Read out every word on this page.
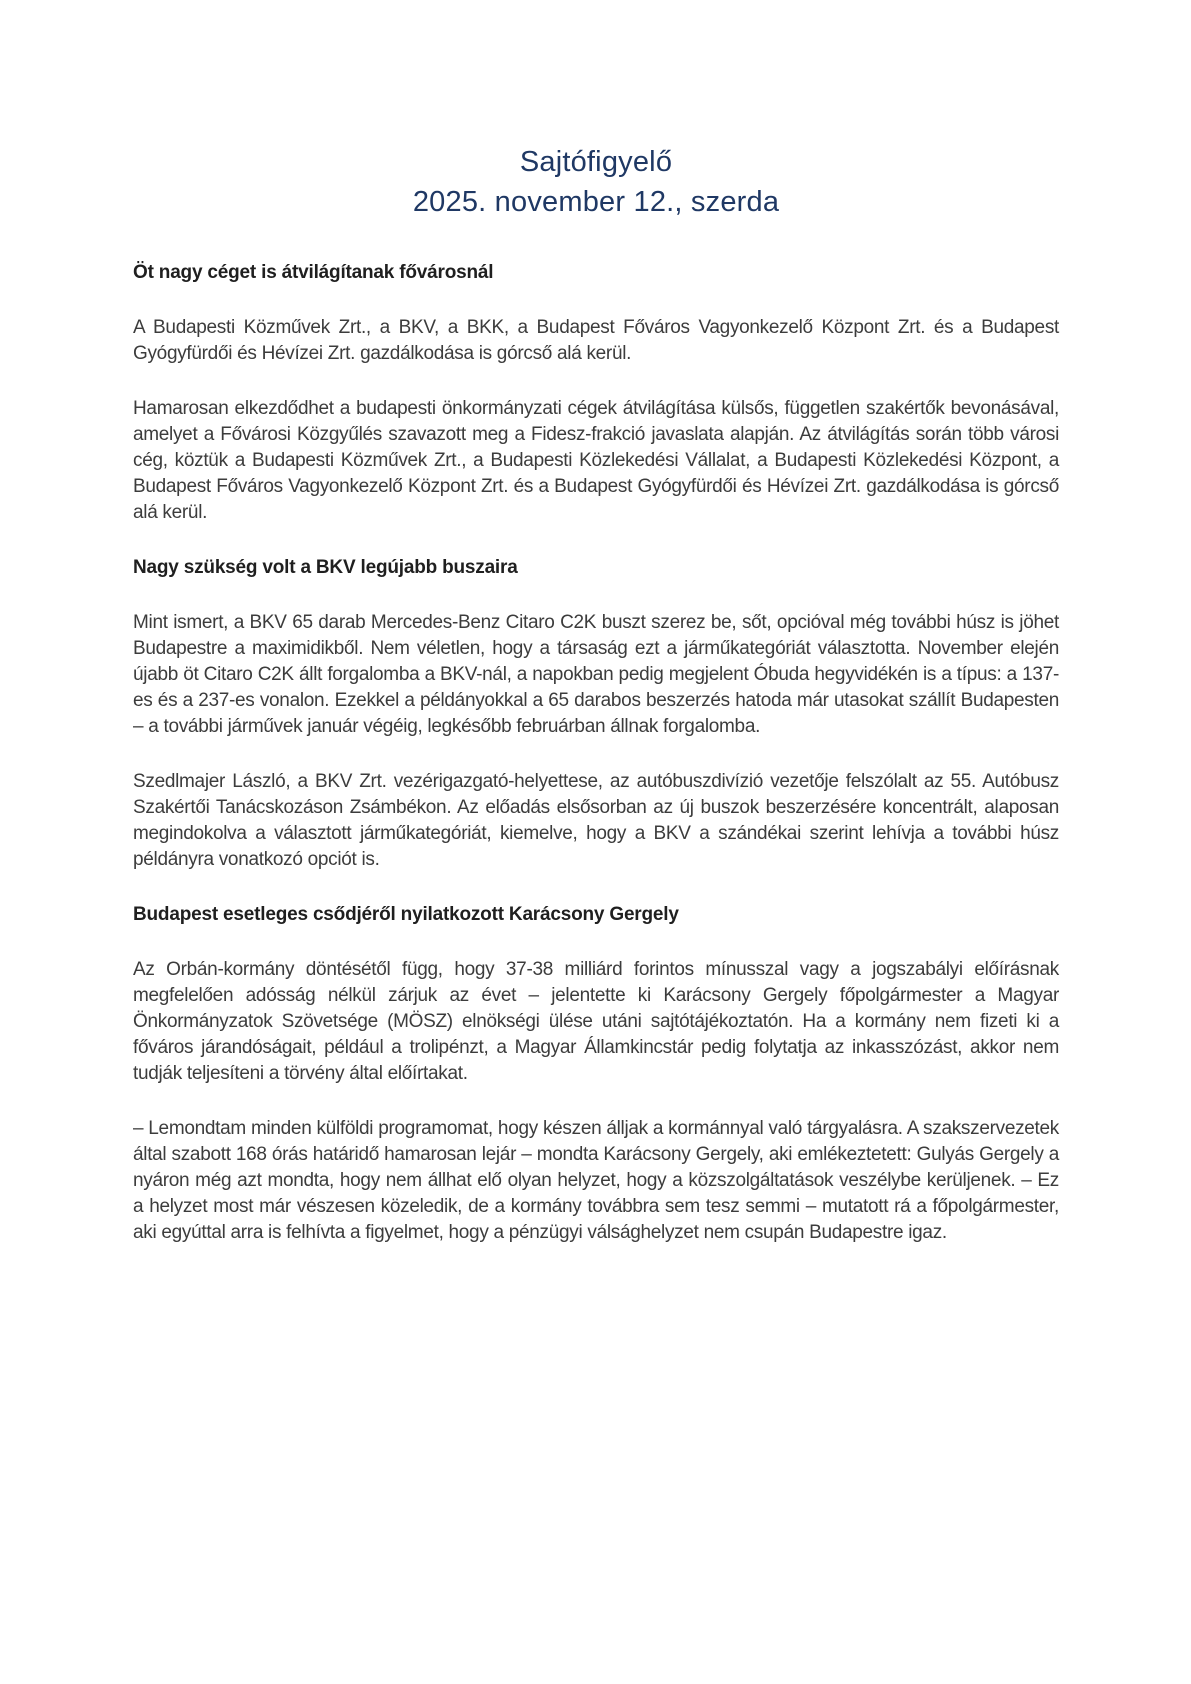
Sajtófigyelő
2025. november 12., szerda
Öt nagy céget is átvilágítanak fővárosnál

A Budapesti Közművek Zrt., a BKV, a BKK, a Budapest Főváros Vagyonkezelő Központ Zrt. és a Budapest Gyógyfürdői és Hévízei Zrt. gazdálkodása is górcső alá kerül.

Hamarosan elkezdődhet a budapesti önkormányzati cégek átvilágítása külsős, független szakértők bevonásával, amelyet a Fővárosi Közgyűlés szavazott meg a Fidesz-frakció javaslata alapján. Az átvilágítás során több városi cég, köztük a Budapesti Közművek Zrt., a Budapesti Közlekedési Vállalat, a Budapesti Közlekedési Központ, a Budapest Főváros Vagyonkezelő Központ Zrt. és a Budapest Gyógyfürdői és Hévízei Zrt. gazdálkodása is górcső alá kerül.

Nagy szükség volt a BKV legújabb buszaira

Mint ismert, a BKV 65 darab Mercedes-Benz Citaro C2K buszt szerez be, sőt, opcióval még további húsz is jöhet Budapestre a maximidikből. Nem véletlen, hogy a társaság ezt a járműkategóriát választotta. November elején újabb öt Citaro C2K állt forgalomba a BKV-nál, a napokban pedig megjelent Óbuda hegyvidékén is a típus: a 137-es és a 237-es vonalon. Ezekkel a példányokkal a 65 darabos beszerzés hatoda már utasokat szállít Budapesten – a további járművek január végéig, legkésőbb februárban állnak forgalomba.

Szedlmajer László, a BKV Zrt. vezérigazgató-helyettese, az autóbuszdivízió vezetője felszólalt az 55. Autóbusz Szakértői Tanácskozáson Zsámbékon. Az előadás elsősorban az új buszok beszerzésére koncentrált, alaposan megindokolva a választott járműkategóriát, kiemelve, hogy a BKV a szándékai szerint lehívja a további húsz példányra vonatkozó opciót is.

Budapest esetleges csődjéről nyilatkozott Karácsony Gergely

Az Orbán-kormány döntésétől függ, hogy 37-38 milliárd forintos mínusszal vagy a jogszabályi előírásnak megfelelően adósság nélkül zárjuk az évet – jelentette ki Karácsony Gergely főpolgármester a Magyar Önkormányzatok Szövetsége (MÖSZ) elnökségi ülése utáni sajtótájékoztatón. Ha a kormány nem fizeti ki a főváros járandóságait, például a trolipénzt, a Magyar Államkincstár pedig folytatja az inkasszózást, akkor nem tudják teljesíteni a törvény által előírtakat.

– Lemondtam minden külföldi programomat, hogy készen álljak a kormánnyal való tárgyalásra. A szakszervezetek által szabott 168 órás határidő hamarosan lejár – mondta Karácsony Gergely, aki emlékeztetett: Gulyás Gergely a nyáron még azt mondta, hogy nem állhat elő olyan helyzet, hogy a közszolgáltatások veszélybe kerüljenek. – Ez a helyzet most már vészesen közeledik, de a kormány továbbra sem tesz semmi – mutatott rá a főpolgármester, aki egyúttal arra is felhívta a figyelmet, hogy a pénzügyi válsághelyzet nem csupán Budapestre igaz.
